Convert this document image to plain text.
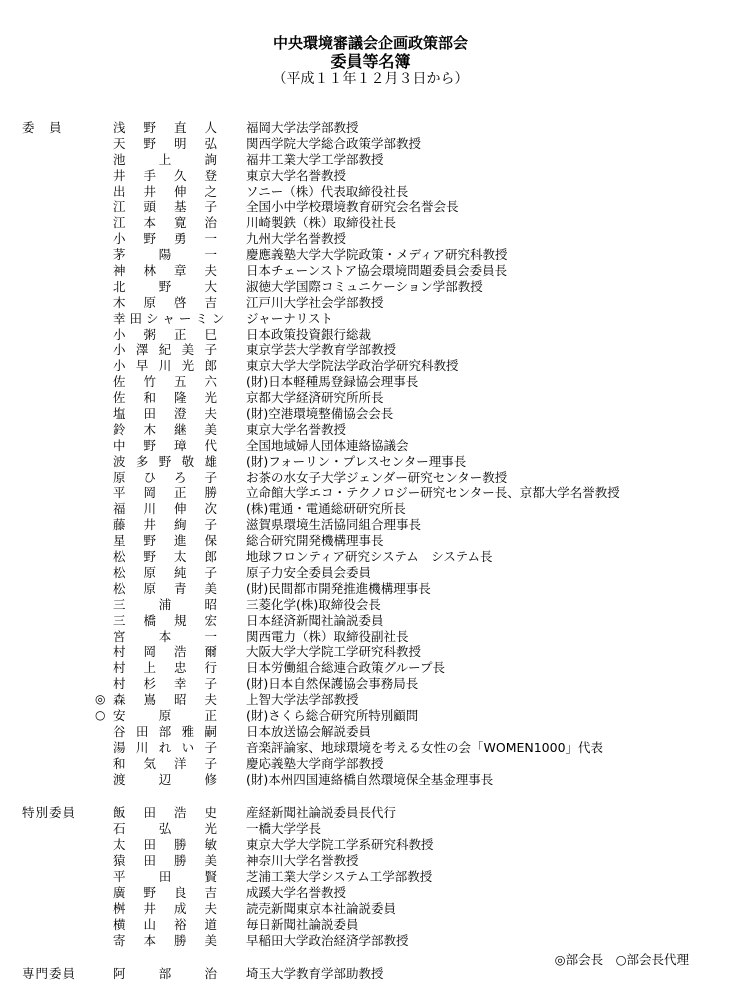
中央環境審議会企画政策部会
委員等名簿
（平成１１年１２月３日から）
委　員	浅 野 直 人 福岡大学法学部教授
天 野 明 弘 関西学院大学総合政策学部教授
池 上 詢 福井工業大学工学部教授
井 手 久 登 東京大学名誉教授
出 井 伸 之 ソニー（株）代表取締役社長
江 頭 基 子 全国小中学校環境教育研究会名誉会長
江 本 寛 治 川崎製鉄（株）取締役社長
小 野 勇 一 九州大学名誉教授
茅 陽 一 慶應義塾大学大学院政策・メディア研究科教授
神 林 章 夫 日本チェーンストア協会環境問題委員会委員長
北 野 大 淑徳大学国際コミュニケーション学部教授
木 原 啓 吉 江戸川大学社会学部教授
幸 田 シ ャ ー ミ ン ジャーナリスト
小 粥 正 巳 日本政策投資銀行総裁
小 澤 紀 美 子 東京学芸大学教育学部教授
小 早 川 光 郎 東京大学大学院法学政治学研究科教授
佐 竹 五 六 (財)日本軽種馬登録協会理事長
佐 和 隆 光 京都大学経済研究所所長
塩 田 澄 夫 (財)空港環境整備協会会長
鈴 木 継 美 東京大学名誉教授
中 野 璋 代 全国地域婦人団体連絡協議会
波 多 野 敬 雄 (財)フォーリン・プレスセンター理事長
原 ひ ろ 子 お茶の水女子大学ジェンダー研究センター教授
平 岡 正 勝 立命館大学エコ・テクノロジー研究センター長、京都大学名誉教授
福 川 伸 次 (株)電通・電通総研研究所長
藤 井 絢 子 滋賀県環境生活協同組合理事長
星 野 進 保 総合研究開発機構理事長
松 野 太 郎 地球フロンティア研究システム　システム長
松 原 純 子 原子力安全委員会委員
松 原 青 美 (財)民間都市開発推進機構理事長
三 浦 昭 三菱化学(株)取締役会長
三 橋 規 宏 日本経済新聞社論説委員
宮 本 一 関西電力（株）取締役副社長
村 岡 浩 爾 大阪大学大学院工学研究科教授
村 上 忠 行 日本労働組合総連合政策グループ長
村 杉 幸 子 (財)日本自然保護協会事務局長
◎ 森 嶌 昭 夫 上智大学法学部教授
○ 安 原 正 (財)さくら総合研究所特別顧問
谷 田 部 雅 嗣 日本放送協会解説委員
湯 川 れ い 子 音楽評論家、地球環境を考える女性の会「WOMEN1000」代表
和 気 洋 子 慶応義塾大学商学部教授
渡 辺 修 (財)本州四国連絡橋自然環境保全基金理事長
特別委員	飯 田 浩 史 産経新聞社論説委員長代行
石 弘 光 一橋大学学長
太 田 勝 敏 東京大学大学院工学系研究科教授
猿 田 勝 美 神奈川大学名誉教授
平 田 賢 芝浦工業大学システム工学部教授
廣 野 良 吉 成蹊大学名誉教授
桝 井 成 夫 読売新聞東京本社論説委員
横 山 裕 道 毎日新聞社論説委員
寄 本 勝 美 早稲田大学政治経済学部教授
専門委員	阿 部 治 埼玉大学教育学部助教授
◎部会長　○部会長代理
